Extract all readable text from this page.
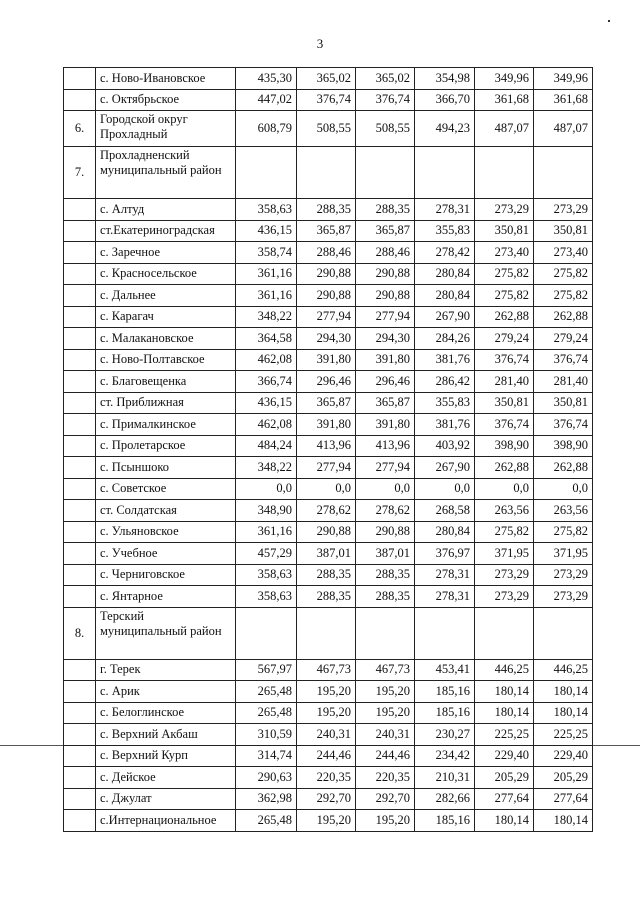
3
	с. Ново-Ивановское	435,30	365,02	365,02	354,98	349,96	349,96
	с. Октябрьское	447,02	376,74	376,74	366,70	361,68	361,68
6.	Городской округ Прохладный	608,79	508,55	508,55	494,23	487,07	487,07
7.	Прохладненский муниципальный район						
	с. Алтуд	358,63	288,35	288,35	278,31	273,29	273,29
	ст.Екатериноградская	436,15	365,87	365,87	355,83	350,81	350,81
	с. Заречное	358,74	288,46	288,46	278,42	273,40	273,40
	с. Красносельское	361,16	290,88	290,88	280,84	275,82	275,82
	с. Дальнее	361,16	290,88	290,88	280,84	275,82	275,82
	с. Карагач	348,22	277,94	277,94	267,90	262,88	262,88
	с. Малакановское	364,58	294,30	294,30	284,26	279,24	279,24
	с. Ново-Полтавское	462,08	391,80	391,80	381,76	376,74	376,74
	с. Благовещенка	366,74	296,46	296,46	286,42	281,40	281,40
	ст. Приближная	436,15	365,87	365,87	355,83	350,81	350,81
	с. Прималкинское	462,08	391,80	391,80	381,76	376,74	376,74
	с. Пролетарское	484,24	413,96	413,96	403,92	398,90	398,90
	с. Псыншоко	348,22	277,94	277,94	267,90	262,88	262,88
	с. Советское	0,0	0,0	0,0	0,0	0,0	0,0
	ст. Солдатская	348,90	278,62	278,62	268,58	263,56	263,56
	с. Ульяновское	361,16	290,88	290,88	280,84	275,82	275,82
	с. Учебное	457,29	387,01	387,01	376,97	371,95	371,95
	с. Черниговское	358,63	288,35	288,35	278,31	273,29	273,29
	с. Янтарное	358,63	288,35	288,35	278,31	273,29	273,29
8.	Терский муниципальный район						
	г. Терек	567,97	467,73	467,73	453,41	446,25	446,25
	с. Арик	265,48	195,20	195,20	185,16	180,14	180,14
	с. Белоглинское	265,48	195,20	195,20	185,16	180,14	180,14
	с. Верхний Акбаш	310,59	240,31	240,31	230,27	225,25	225,25
	с. Верхний Курп	314,74	244,46	244,46	234,42	229,40	229,40
	с. Дейское	290,63	220,35	220,35	210,31	205,29	205,29
	с. Джулат	362,98	292,70	292,70	282,66	277,64	277,64
	с.Интернациональное	265,48	195,20	195,20	185,16	180,14	180,14
